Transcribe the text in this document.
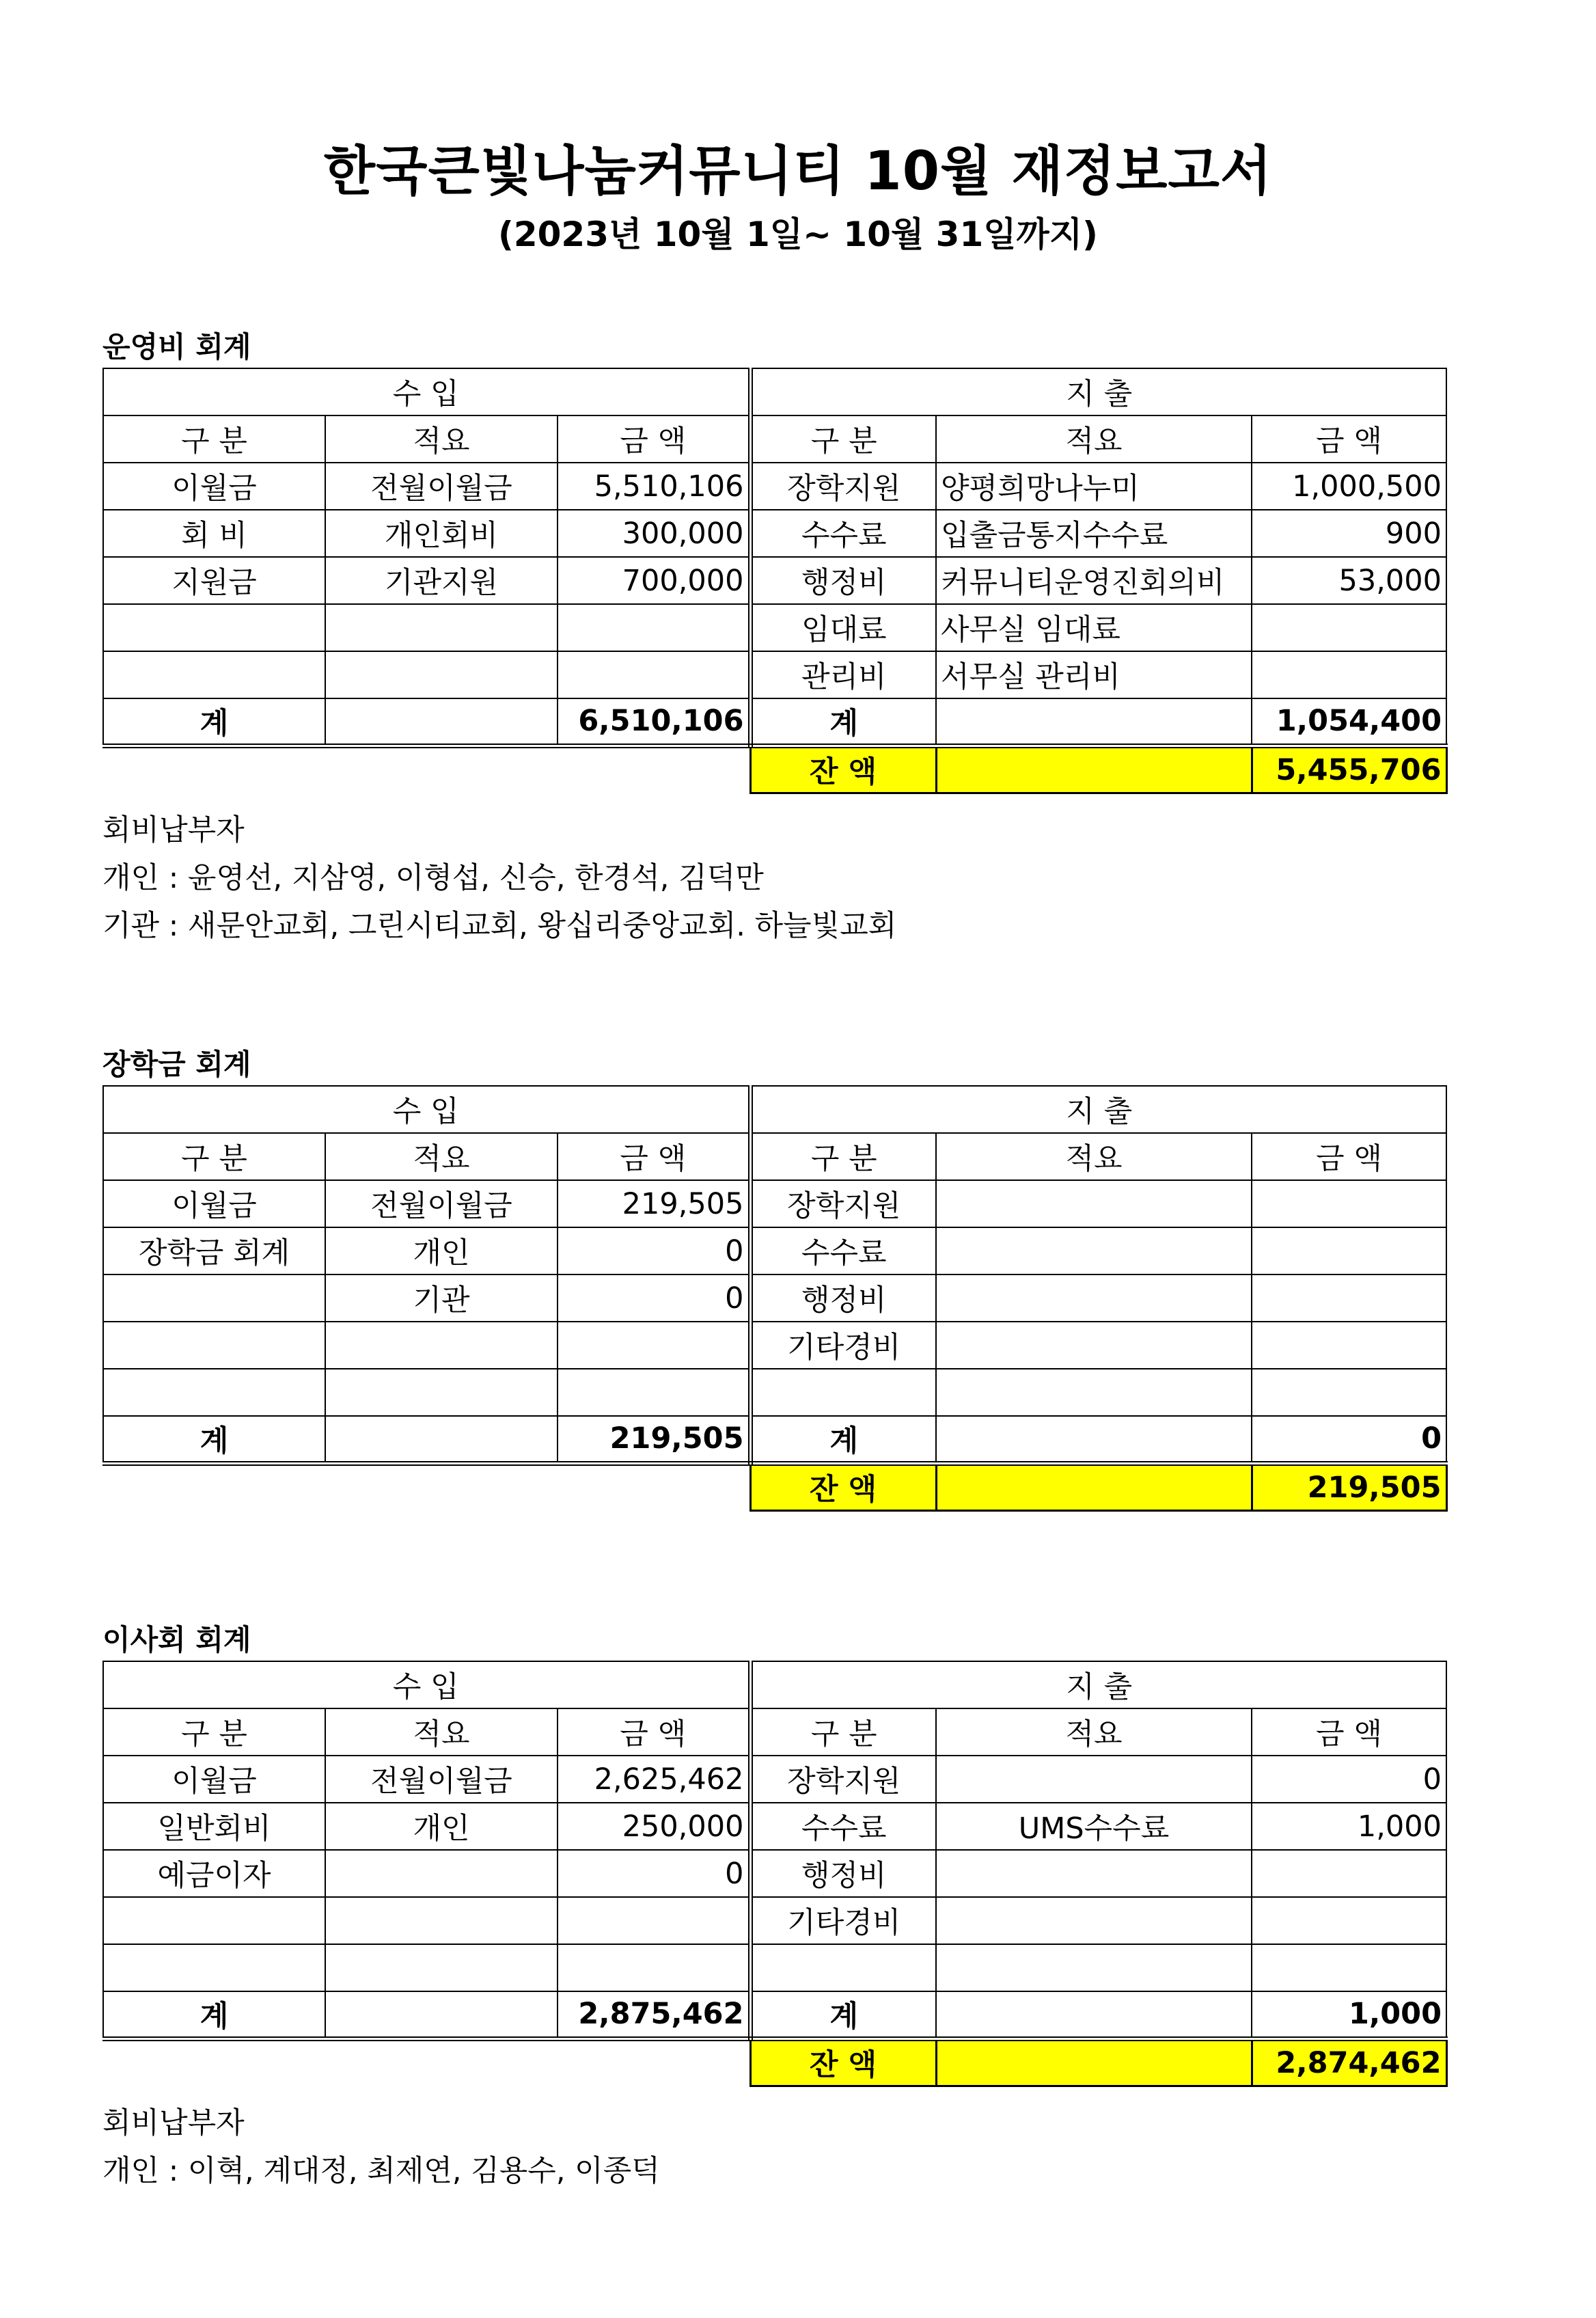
한국큰빛나눔커뮤니티 10월 재정보고서
(2023년 10월 1일~ 10월 31일까지)
운영비 회계
수 입			지 출		
구 분	적요	금 액	구 분	적요	금 액
이월금	전월이월금	5,510,106	장학지원	양평희망나누미	1,000,500
회 비	개인회비	300,000	수수료	입출금통지수수료	900
지원금	기관지원	700,000	행정비	커뮤니티운영진회의비	53,000
			임대료	사무실 임대료	
			관리비	서무실 관리비	
계		6,510,106	계		1,054,400
			잔 액		5,455,706
회비납부자
개인 : 윤영선, 지삼영, 이형섭, 신승, 한경석, 김덕만
기관 : 새문안교회, 그린시티교회, 왕십리중앙교회. 하늘빛교회
장학금 회계
수 입			지 출		
구 분	적요	금 액	구 분	적요	금 액
이월금	전월이월금	219,505	장학지원		
장학금 회계	개인	0	수수료		
	기관	0	행정비		
			기타경비		

계		219,505	계		0
			잔 액		219,505
이사회 회계
수 입			지 출		
구 분	적요	금 액	구 분	적요	금 액
이월금	전월이월금	2,625,462	장학지원		0
일반회비	개인	250,000	수수료	UMS수수료	1,000
예금이자		0	행정비		
			기타경비		

계		2,875,462	계		1,000
			잔 액		2,874,462
회비납부자
개인 : 이혁, 계대정, 최제연, 김용수, 이종덕
